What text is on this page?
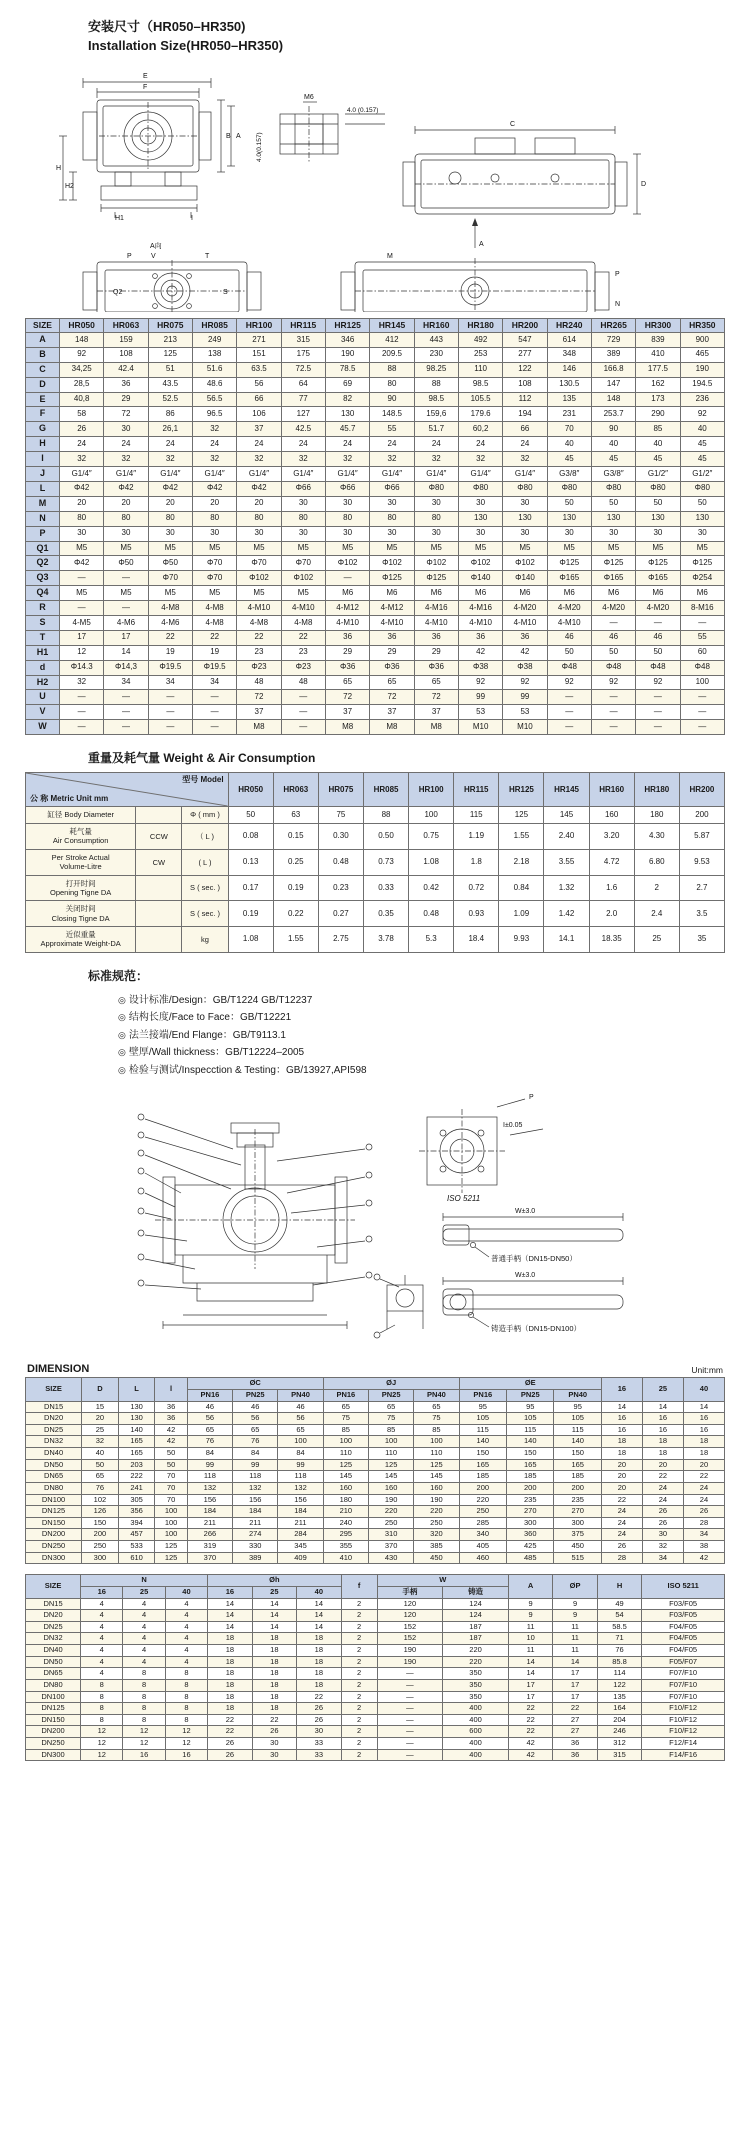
安装尺寸（HR050–HR350)
Installation Size(HR050–HR350)
F
E
B A
H2
H
H1	I
A向
M6
4.0 (0.157)
4.0(0.157)
C
D
A
P	V	T
Q2	S
P
N
M
SIZE	HR050	HR063	HR075	HR085	HR100	HR115	HR125	HR145	HR160	HR180	HR200	HR240	HR265	HR300	HR350
A	148	159	213	249	271	315	346	412	443	492	547	614	729	839	900
B	92	108	125	138	151	175	190	209.5	230	253	277	348	389	410	465
C	34,25	42.4	51	51.6	63.5	72.5	78.5	88	98.25	110	122	146	166.8	177.5	190
D	28,5	36	43.5	48.6	56	64	69	80	88	98.5	108	130.5	147	162	194.5
E	40,8	29	52.5	56.5	66	77	82	90	98.5	105.5	112	135	148	173	236
F	58	72	86	96.5	106	127	130	148.5	159,6	179.6	194	231	253.7	290	92
G	26	30	26,1	32	37	42.5	45.7	55	51.7	60,2	66	70	90	85	40
H	24	24	24	24	24	24	24	24	24	24	24	40	40	40	45
I	32	32	32	32	32	32	32	32	32	32	32	45	45	45	45
J	G1/4″	G1/4″	G1/4″	G1/4″	G1/4″	G1/4″	G1/4″	G1/4″	G1/4″	G1/4″	G1/4″	G3/8″	G3/8″	G1/2″	G1/2″
L	Φ42	Φ42	Φ42	Φ42	Φ42	Φ66	Φ66	Φ66	Φ80	Φ80	Φ80	Φ80	Φ80	Φ80	Φ80
M	20	20	20	20	20	30	30	30	30	30	30	50	50	50	50
N	80	80	80	80	80	80	80	80	80	130	130	130	130	130	130
P	30	30	30	30	30	30	30	30	30	30	30	30	30	30	30
Q1	M5	M5	M5	M5	M5	M5	M5	M5	M5	M5	M5	M5	M5	M5	M5
Q2	Φ42	Φ50	Φ50	Φ70	Φ70	Φ70	Φ102	Φ102	Φ102	Φ102	Φ102	Φ125	Φ125	Φ125	Φ125
Q3	—	—	Φ70	Φ70	Φ102	Φ102	—	Φ125	Φ125	Φ140	Φ140	Φ165	Φ165	Φ165	Φ254
Q4	M5	M5	M5	M5	M5	M5	M6	M6	M6	M6	M6	M6	M6	M6	M6
R	—	—	4-M8	4-M8	4-M10	4-M10	4-M12	4-M12	4-M16	4-M16	4-M20	4-M20	4-M20	4-M20	8-M16
S	4-M5	4-M6	4-M6	4-M8	4-M8	4-M8	4-M10	4-M10	4-M10	4-M10	4-M10	4-M10	—	—	—
T	17	17	22	22	22	22	36	36	36	36	36	46	46	46	55
H1	12	14	19	19	23	23	29	29	29	42	42	50	50	50	60
d	Φ14.3	Φ14,3	Φ19.5	Φ19.5	Φ23	Φ23	Φ36	Φ36	Φ36	Φ38	Φ38	Φ48	Φ48	Φ48	Φ48
H2	32	34	34	34	48	48	65	65	65	92	92	92	92	92	100
U	—	—	—	—	72	—	72	72	72	99	99	—	—	—	—
V	—	—	—	—	37	—	37	37	37	53	53	—	—	—	—
W	—	—	—	—	M8	—	M8	M8	M8	M10	M10	—	—	—	—
重量及耗气量 Weight & Air Consumption
型号 Model
公 称 Metric Unit mm			HR050	HR063	HR075	HR085	HR100	HR115	HR125	HR145	HR160	HR180	HR200
缸径 Body Diameter		Φ ( mm )	50	63	75	88	100	115	125	145	160	180	200
耗气量
Air Consumption	CCW	（ L )	0.08	0.15	0.30	0.50	0.75	1.19	1.55	2.40	3.20	4.30	5.87
Per Stroke Actual
Volume-Litre	CW	( L )	0.13	0.25	0.48	0.73	1.08	1.8	2.18	3.55	4.72	6.80	9.53
打开时间
Opening Tigne DA		S ( sec. )	0.17	0.19	0.23	0.33	0.42	0.72	0.84	1.32	1.6	2	2.7
关闭时间
Closing Tigne DA		S ( sec. )	0.19	0.22	0.27	0.35	0.48	0.93	1.09	1.42	2.0	2.4	3.5
近似重量
Approximate Weight-DA		kg	1.08	1.55	2.75	3.78	5.3	18.4	9.93	14.1	18.35	25	35
标准规范：
◎ 设计标准/Design：GB/T1224 GB/T12237
◎ 结构长度/Face to Face：GB/T12221
◎ 法兰接端/End Flange：GB/T9113.1
◎ 壁厚/Wall thickness：GB/T12224–2005
◎ 检验与测试/Inspecction & Testing：GB/13927,API598
P
I±0.05
ISO 5211
W±3.0
普通手柄（DN15-DN50）
W±3.0
铸造手柄（DN15-DN100）
DIMENSION	Unit:mm
SIZE	D	L	l	ØC			ØJ			ØE			16	25	40
				PN16	PN25	PN40	PN16	PN25	PN40	PN16	PN25	PN40			
DN15	15	130	36	46	46	46	65	65	65	95	95	95	14	14	14
DN20	20	130	36	56	56	56	75	75	75	105	105	105	16	16	16
DN25	25	140	42	65	65	65	85	85	85	115	115	115	16	16	16
DN32	32	165	42	76	76	100	100	100	100	140	140	140	18	18	18
DN40	40	165	50	84	84	84	110	110	110	150	150	150	18	18	18
DN50	50	203	50	99	99	99	125	125	125	165	165	165	20	20	20
DN65	65	222	70	118	118	118	145	145	145	185	185	185	20	22	22
DN80	76	241	70	132	132	132	160	160	160	200	200	200	20	24	24
DN100	102	305	70	156	156	156	180	190	190	220	235	235	22	24	24
DN125	126	356	100	184	184	184	210	220	220	250	270	270	24	26	26
DN150	150	394	100	211	211	211	240	250	250	285	300	300	24	26	28
DN200	200	457	100	266	274	284	295	310	320	340	360	375	24	30	34
DN250	250	533	125	319	330	345	355	370	385	405	425	450	26	32	38
DN300	300	610	125	370	389	409	410	430	450	460	485	515	28	34	42
SIZE	N			Øh			f	W		A	ØP	H	ISO 5211
	16	25	40	16	25	40		手柄	铸造				
DN15	4	4	4	14	14	14	2	120	124	9	9	49	F03/F05
DN20	4	4	4	14	14	14	2	120	124	9	9	54	F03/F05
DN25	4	4	4	14	14	14	2	152	187	11	11	58.5	F04/F05
DN32	4	4	4	18	18	18	2	152	187	10	11	71	F04/F05
DN40	4	4	4	18	18	18	2	190	220	11	11	76	F04/F05
DN50	4	4	4	18	18	18	2	190	220	14	14	85.8	F05/F07
DN65	4	8	8	18	18	18	2	—	350	14	17	114	F07/F10
DN80	8	8	8	18	18	18	2	—	350	17	17	122	F07/F10
DN100	8	8	8	18	18	22	2	—	350	17	17	135	F07/F10
DN125	8	8	8	18	18	26	2	—	400	22	22	164	F10/F12
DN150	8	8	8	22	22	26	2	—	400	22	27	204	F10/F12
DN200	12	12	12	22	26	30	2	—	600	22	27	246	F10/F12
DN250	12	12	12	26	30	33	2	—	400	42	36	312	F12/F14
DN300	12	16	16	26	30	33	2	—	400	42	36	315	F14/F16
